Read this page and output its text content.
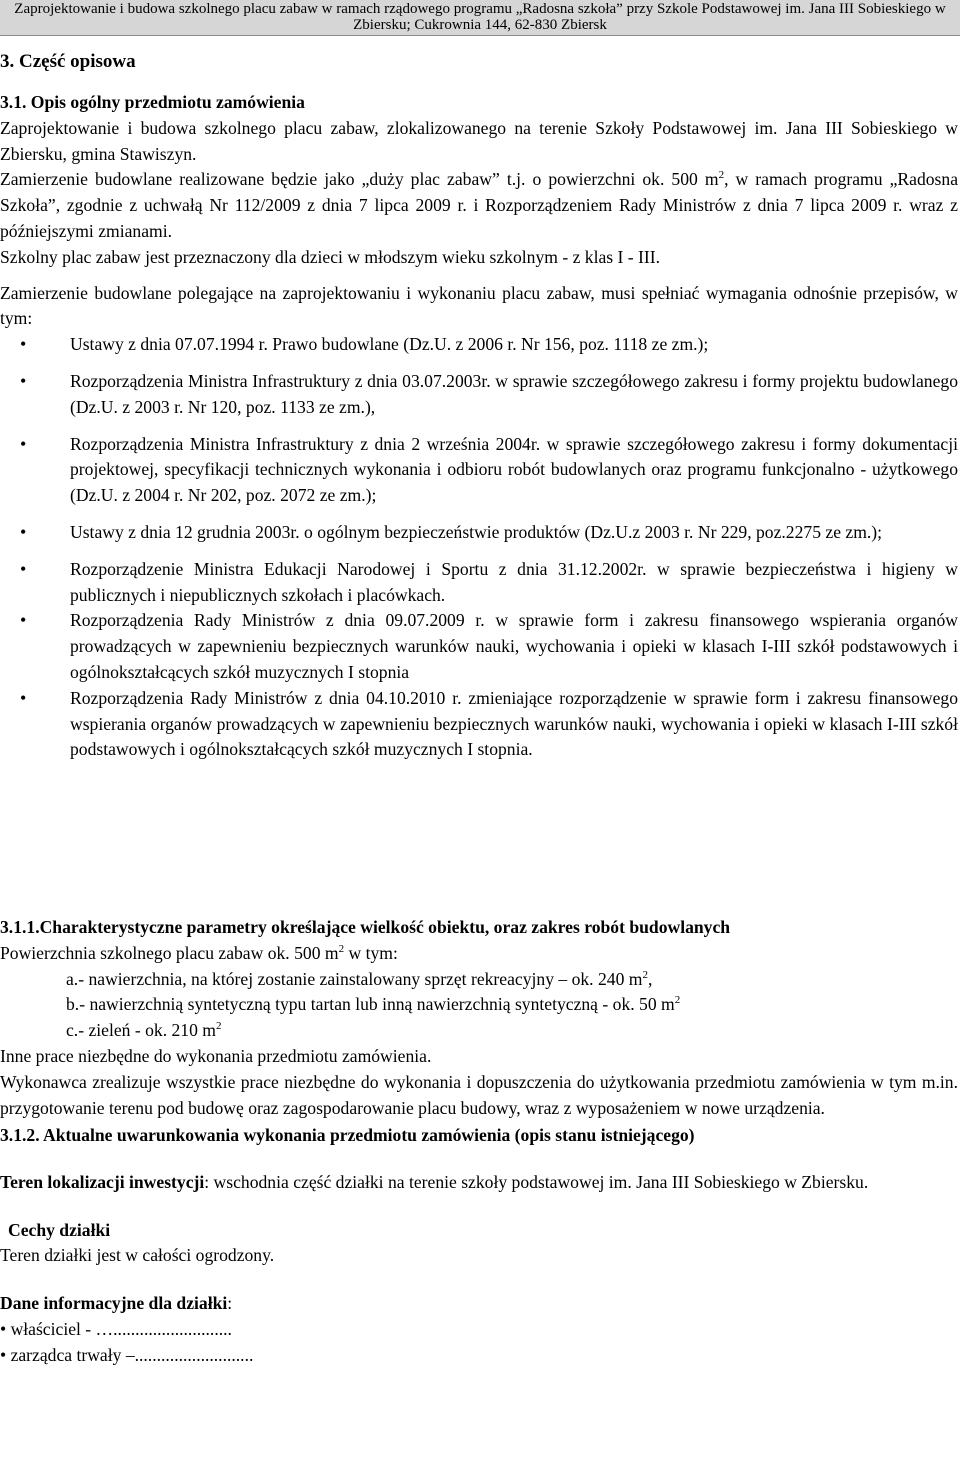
Zaprojektowanie i budowa szkolnego placu zabaw w ramach rządowego programu „Radosna szkoła” przy Szkole Podstawowej im. Jana III Sobieskiego w
Zbiersku; Cukrownia 144, 62-830 Zbiersk
3. Część opisowa
3.1. Opis ogólny przedmiotu zamówienia
Zaprojektowanie i budowa szkolnego placu zabaw, zlokalizowanego na terenie Szkoły Podstawowej im. Jana III Sobieskiego w Zbiersku, gmina Stawiszyn.
Zamierzenie budowlane realizowane będzie jako „duży plac zabaw” t.j. o powierzchni ok. 500 $m^2$, w ramach programu „Radosna Szkoła”, zgodnie z uchwałą Nr 112/2009 z dnia 7 lipca 2009 r. i Rozporządzeniem Rady Ministrów z dnia 7 lipca 2009 r. wraz z późniejszymi zmianami.
Szkolny plac zabaw jest przeznaczony dla dzieci w młodszym wieku szkolnym - z klas I - III.
Zamierzenie budowlane polegające na zaprojektowaniu i wykonaniu placu zabaw, musi spełniać wymagania odnośnie przepisów, w tym:
• Ustawy z dnia 07.07.1994 r. Prawo budowlane (Dz.U. z 2006 r. Nr 156, poz. 1118 ze zm.);
• Rozporządzenia Ministra Infrastruktury z dnia 03.07.2003r. w sprawie szczegółowego zakresu i formy projektu budowlanego (Dz.U. z 2003 r. Nr 120, poz. 1133 ze zm.),
• Rozporządzenia Ministra Infrastruktury z dnia 2 września 2004r. w sprawie szczegółowego zakresu i formy dokumentacji projektowej, specyfikacji technicznych wykonania i odbioru robót budowlanych oraz programu funkcjonalno - użytkowego (Dz.U. z 2004 r. Nr 202, poz. 2072 ze zm.);
• Ustawy z dnia 12 grudnia 2003r. o ogólnym bezpieczeństwie produktów (Dz.U.z 2003 r. Nr 229, poz.2275 ze zm.);
• Rozporządzenie Ministra Edukacji Narodowej i Sportu z dnia 31.12.2002r. w sprawie bezpieczeństwa i higieny w publicznych i niepublicznych szkołach i placówkach.
• Rozporządzenia Rady Ministrów z dnia 09.07.2009 r. w sprawie form i zakresu finansowego wspierania organów prowadzących w zapewnieniu bezpiecznych warunków nauki, wychowania i opieki w klasach I-III szkół podstawowych i ogólnokształcących szkół muzycznych I stopnia
• Rozporządzenia Rady Ministrów z dnia 04.10.2010 r. zmieniające rozporządzenie w sprawie form i zakresu finansowego wspierania organów prowadzących w zapewnieniu bezpiecznych warunków nauki, wychowania i opieki w klasach I-III szkół podstawowych i ogólnokształcących szkół muzycznych I stopnia.
3.1.1.Charakterystyczne parametry określające wielkość obiektu, oraz zakres robót budowlanych
Powierzchnia szkolnego placu zabaw ok. 500 $m^2$ w tym:
a.- nawierzchnia, na której zostanie zainstalowany sprzęt rekreacyjny – ok. 240 $m^2$,
b.- nawierzchnią syntetyczną typu tartan lub inną nawierzchnią syntetyczną - ok. 50 $m^2$
c.- zieleń - ok. 210 $m^2$
Inne prace niezbędne do wykonania przedmiotu zamówienia.
Wykonawca zrealizuje wszystkie prace niezbędne do wykonania i dopuszczenia do użytkowania przedmiotu zamówienia w tym m.in. przygotowanie terenu pod budowę oraz zagospodarowanie placu budowy, wraz z wyposażeniem w nowe urządzenia.
3.1.2. Aktualne uwarunkowania wykonania przedmiotu zamówienia (opis stanu istniejącego)
Teren lokalizacji inwestycji: wschodnia część działki na terenie szkoły podstawowej im. Jana III Sobieskiego w Zbiersku.
Cechy działki
Teren działki jest w całości ogrodzony.
Dane informacyjne dla działki:
• właściciel - …...........................
• zarządca trwały –...........................
